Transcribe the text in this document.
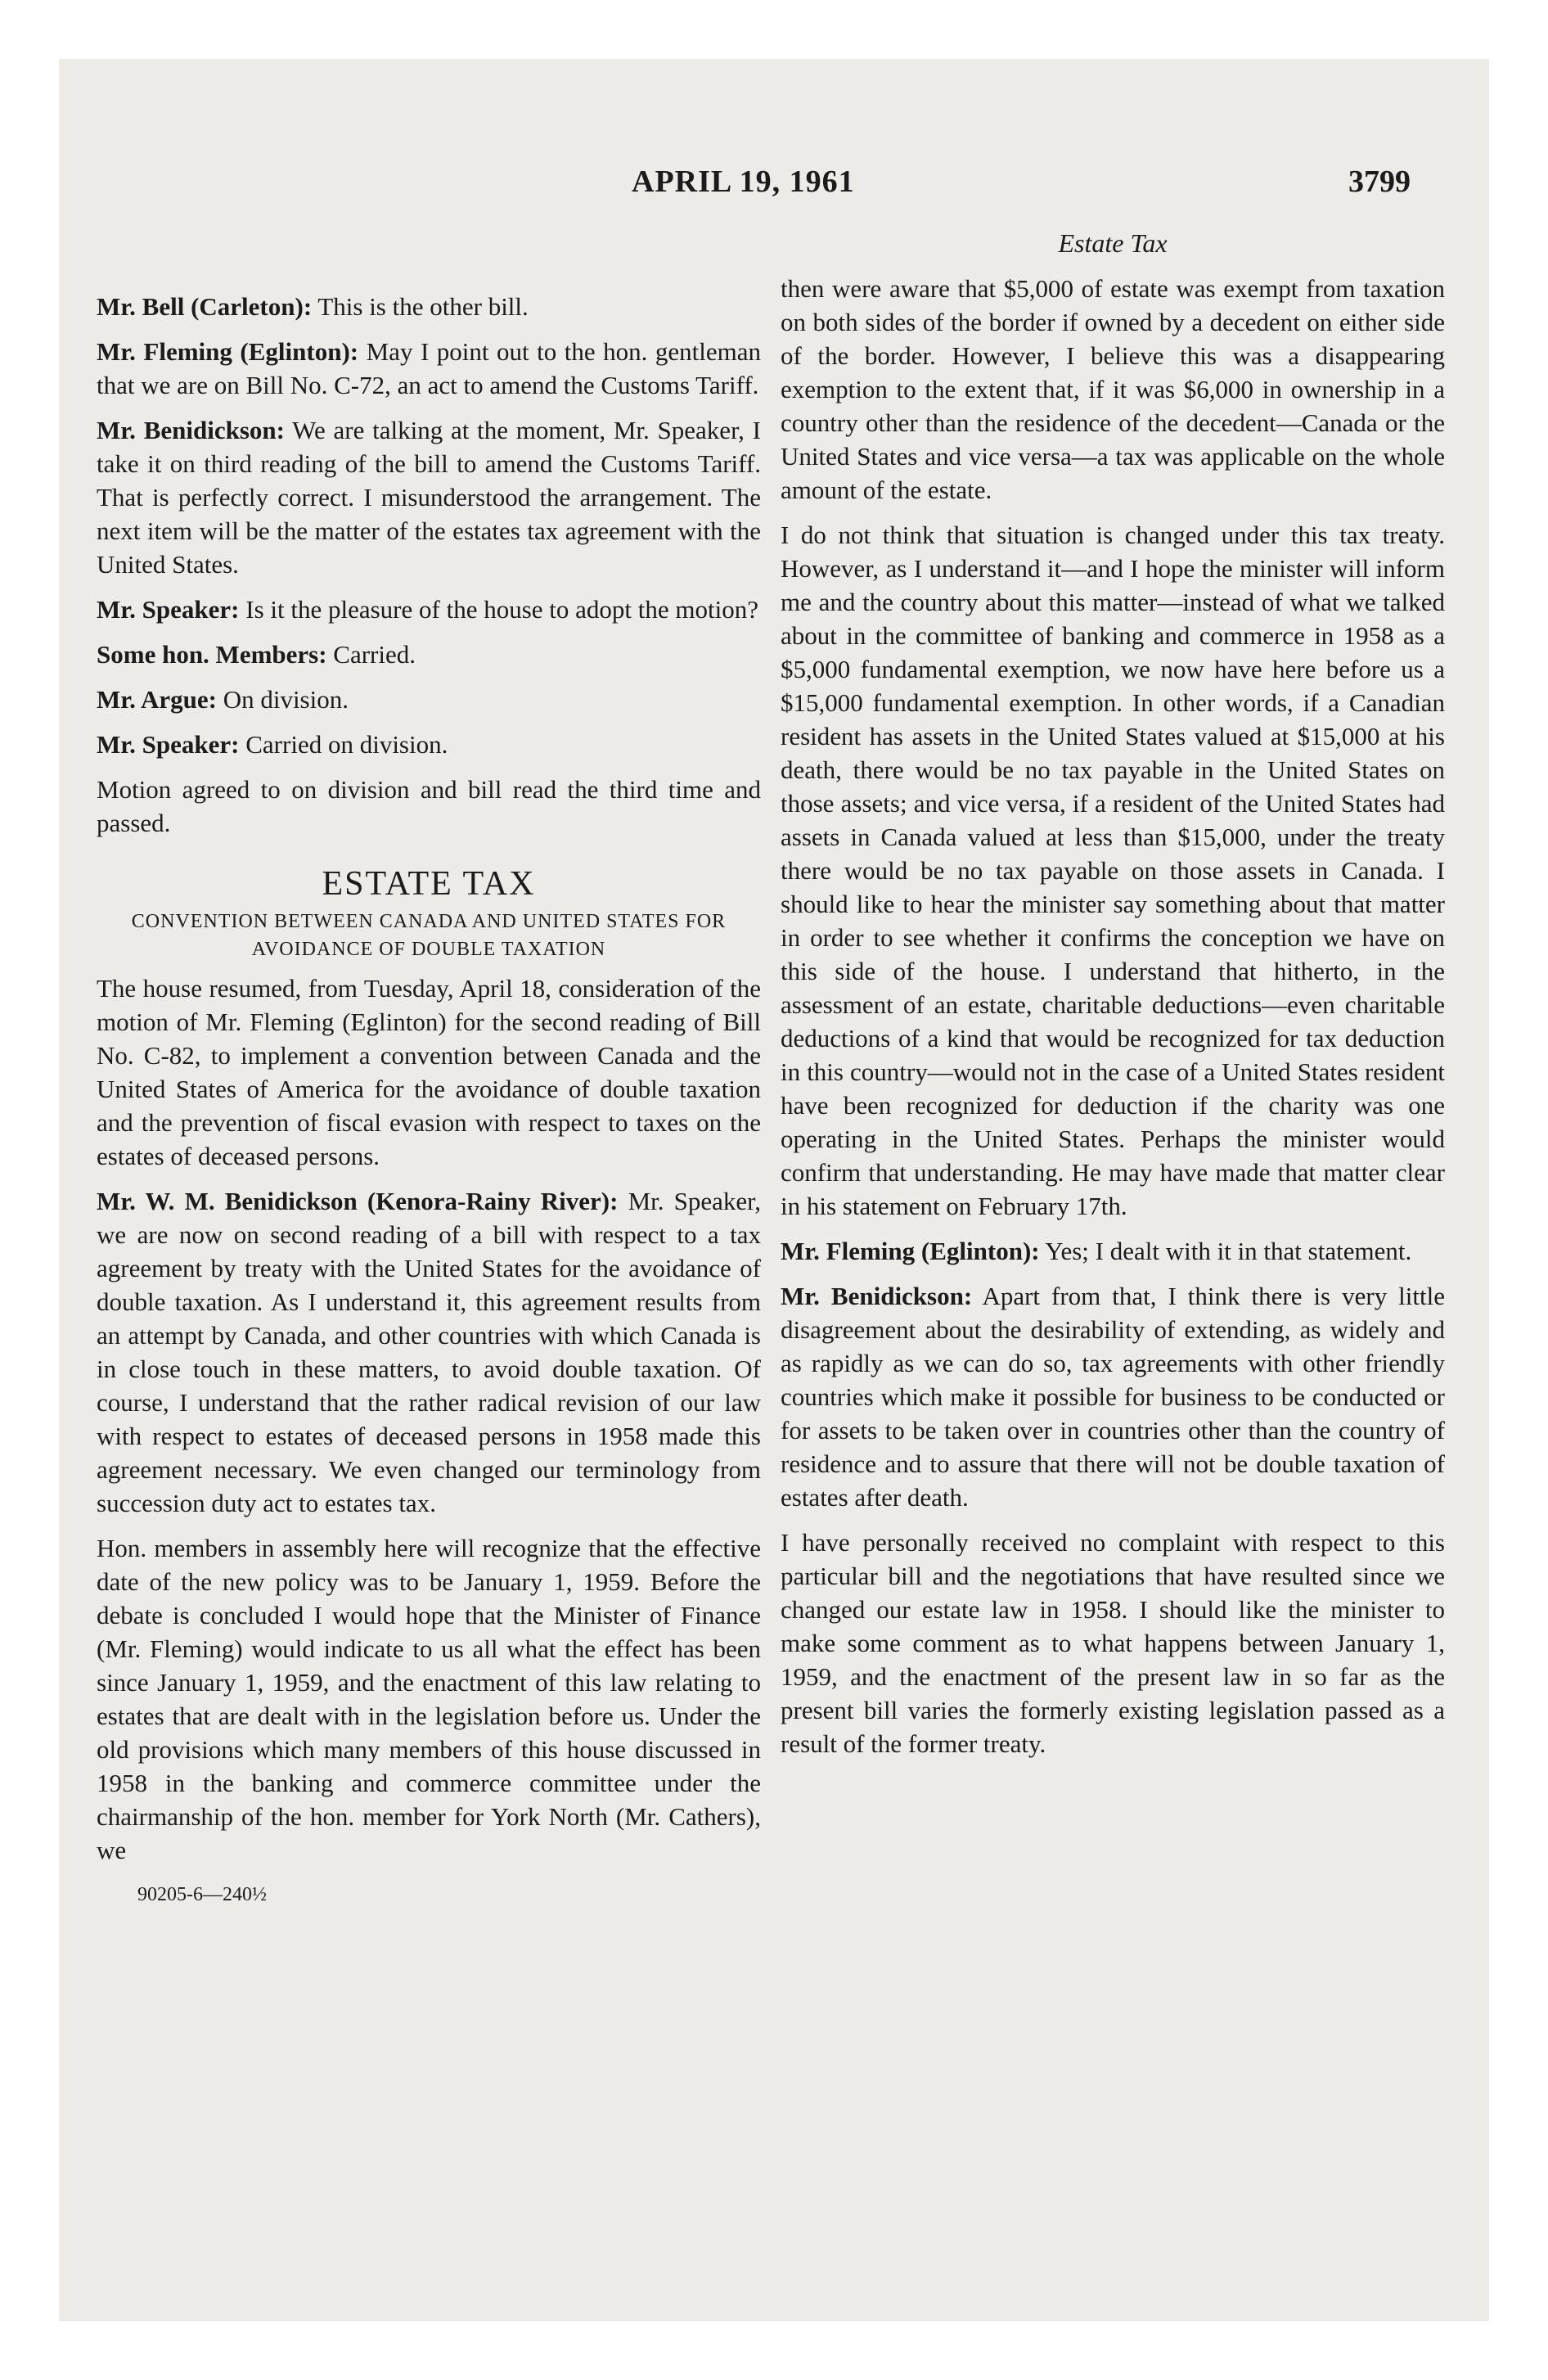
APRIL 19, 1961	3799

Mr. Bell (Carleton): This is the other bill.

Mr. Fleming (Eglinton): May I point out to the hon. gentleman that we are on Bill No. C-72, an act to amend the Customs Tariff.

Mr. Benidickson: We are talking at the moment, Mr. Speaker, I take it on third reading of the bill to amend the Customs Tariff. That is perfectly correct. I misunderstood the arrangement. The next item will be the matter of the estates tax agreement with the United States.

Mr. Speaker: Is it the pleasure of the house to adopt the motion?

Some hon. Members: Carried.

Mr. Argue: On division.

Mr. Speaker: Carried on division.

Motion agreed to on division and bill read the third time and passed.

ESTATE TAX
CONVENTION BETWEEN CANADA AND UNITED STATES FOR AVOIDANCE OF DOUBLE TAXATION

The house resumed, from Tuesday, April 18, consideration of the motion of Mr. Fleming (Eglinton) for the second reading of Bill No. C-82, to implement a convention between Canada and the United States of America for the avoidance of double taxation and the prevention of fiscal evasion with respect to taxes on the estates of deceased persons.

Mr. W. M. Benidickson (Kenora-Rainy River): Mr. Speaker, we are now on second reading of a bill with respect to a tax agreement by treaty with the United States for the avoidance of double taxation. As I understand it, this agreement results from an attempt by Canada, and other countries with which Canada is in close touch in these matters, to avoid double taxation. Of course, I understand that the rather radical revision of our law with respect to estates of deceased persons in 1958 made this agreement necessary. We even changed our terminology from succession duty act to estates tax.

Hon. members in assembly here will recognize that the effective date of the new policy was to be January 1, 1959. Before the debate is concluded I would hope that the Minister of Finance (Mr. Fleming) would indicate to us all what the effect has been since January 1, 1959, and the enactment of this law relating to estates that are dealt with in the legislation before us. Under the old provisions which many members of this house discussed in 1958 in the banking and commerce committee under the chairmanship of the hon. member for York North (Mr. Cathers), we

90205-6—240½
Estate Tax

then were aware that $5,000 of estate was exempt from taxation on both sides of the border if owned by a decedent on either side of the border. However, I believe this was a disappearing exemption to the extent that, if it was $6,000 in ownership in a country other than the residence of the decedent—Canada or the United States and vice versa—a tax was applicable on the whole amount of the estate.

I do not think that situation is changed under this tax treaty. However, as I understand it—and I hope the minister will inform me and the country about this matter—instead of what we talked about in the committee of banking and commerce in 1958 as a $5,000 fundamental exemption, we now have here before us a $15,000 fundamental exemption. In other words, if a Canadian resident has assets in the United States valued at $15,000 at his death, there would be no tax payable in the United States on those assets; and vice versa, if a resident of the United States had assets in Canada valued at less than $15,000, under the treaty there would be no tax payable on those assets in Canada. I should like to hear the minister say something about that matter in order to see whether it confirms the conception we have on this side of the house. I understand that hitherto, in the assessment of an estate, charitable deductions—even charitable deductions of a kind that would be recognized for tax deduction in this country—would not in the case of a United States resident have been recognized for deduction if the charity was one operating in the United States. Perhaps the minister would confirm that understanding. He may have made that matter clear in his statement on February 17th.

Mr. Fleming (Eglinton): Yes; I dealt with it in that statement.

Mr. Benidickson: Apart from that, I think there is very little disagreement about the desirability of extending, as widely and as rapidly as we can do so, tax agreements with other friendly countries which make it possible for business to be conducted or for assets to be taken over in countries other than the country of residence and to assure that there will not be double taxation of estates after death.

I have personally received no complaint with respect to this particular bill and the negotiations that have resulted since we changed our estate law in 1958. I should like the minister to make some comment as to what happens between January 1, 1959, and the enactment of the present law in so far as the present bill varies the formerly existing legislation passed as a result of the former treaty.
